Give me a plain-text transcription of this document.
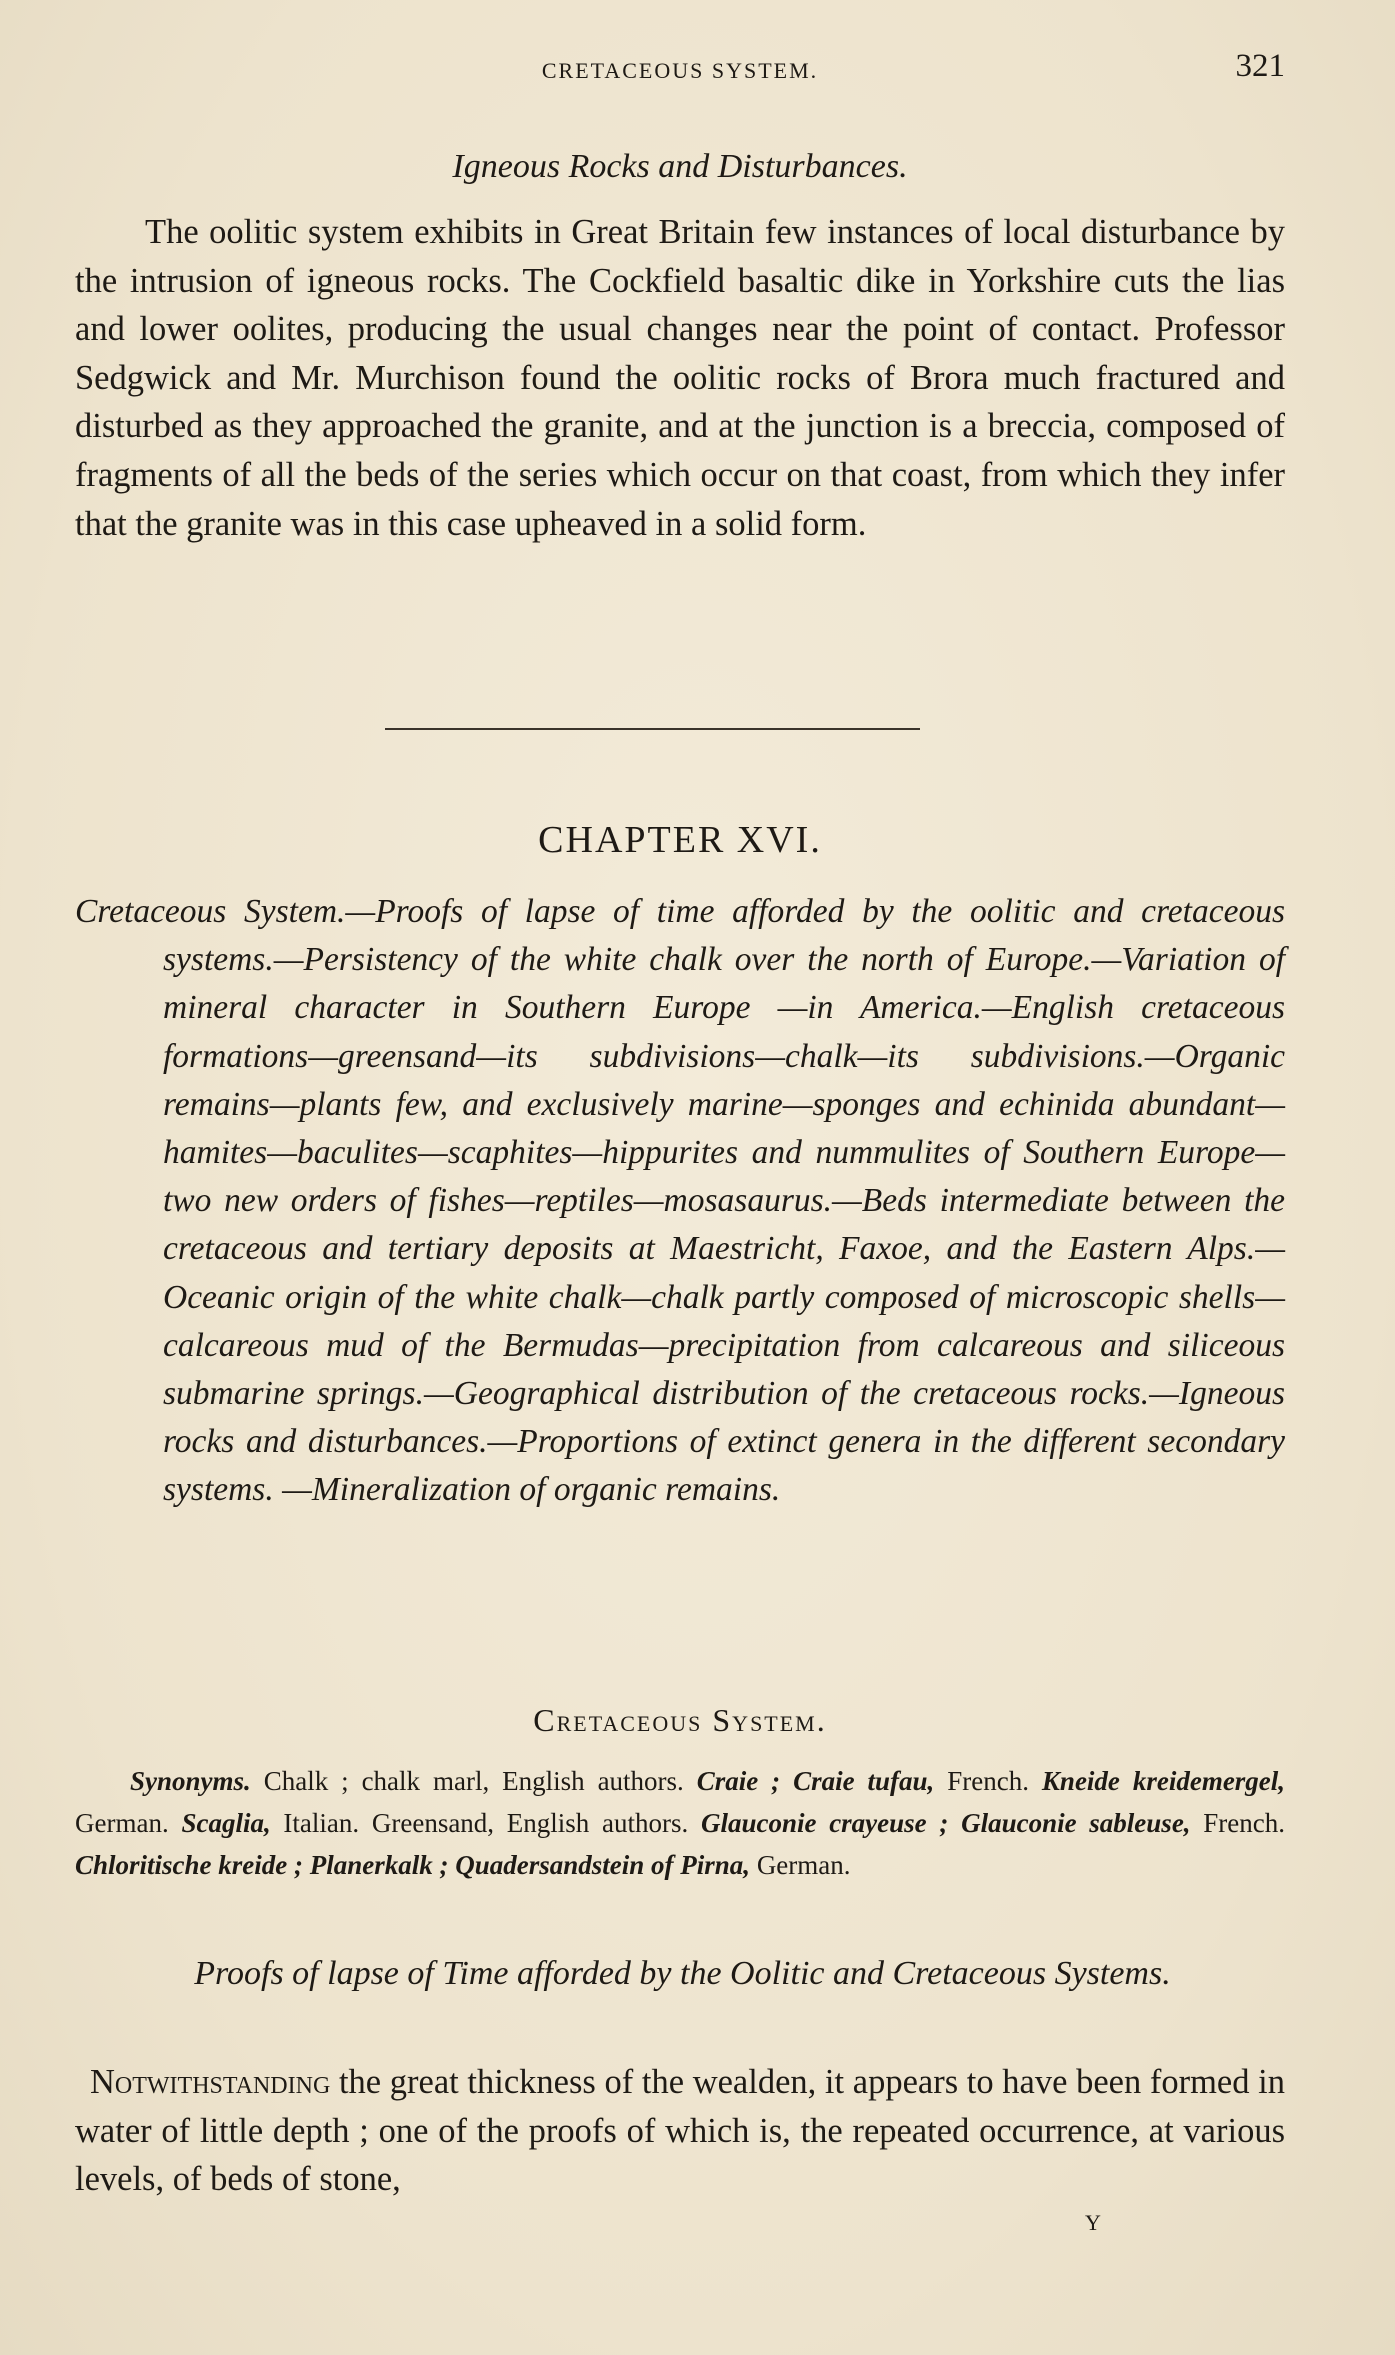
CRETACEOUS SYSTEM.	321
Igneous Rocks and Disturbances.

The oolitic system exhibits in Great Britain few instances of local disturbance by the intrusion of igneous rocks. The Cockfield basaltic dike in Yorkshire cuts the lias and lower oolites, producing the usual changes near the point of contact. Professor Sedgwick and Mr. Murchison found the oolitic rocks of Brora much fractured and disturbed as they approached the granite, and at the junction is a breccia, composed of fragments of all the beds of the series which occur on that coast, from which they infer that the granite was in this case upheaved in a solid form.

CHAPTER XVI.

Cretaceous System.—Proofs of lapse of time afforded by the oolitic and cretaceous systems.—Persistency of the white chalk over the north of Europe.—Variation of mineral character in Southern Europe —in America.—English cretaceous formations—greensand—its subdivisions—chalk—its subdivisions.—Organic remains—plants few, and exclusively marine—sponges and echinida abundant—hamites—baculites—scaphites—hippurites and nummulites of Southern Europe—two new orders of fishes—reptiles—mosasaurus.—Beds intermediate between the cretaceous and tertiary deposits at Maestricht, Faxoe, and the Eastern Alps.—Oceanic origin of the white chalk—chalk partly composed of microscopic shells—calcareous mud of the Bermudas—precipitation from calcareous and siliceous submarine springs.—Geographical distribution of the cretaceous rocks.—Igneous rocks and disturbances.—Proportions of extinct genera in the different secondary systems. —Mineralization of organic remains.

Cretaceous System.

Synonyms. Chalk ; chalk marl, English authors. Craie ; Craie tufau, French. Kneide kreidemergel, German. Scaglia, Italian. Greensand, English authors. Glauconie crayeuse ; Glauconie sableuse, French. Chloritische kreide ; Planerkalk ; Quadersandstein of Pirna, German.

Proofs of lapse of Time afforded by the Oolitic and Cretaceous Systems.

Notwithstanding the great thickness of the wealden, it appears to have been formed in water of little depth ; one of the proofs of which is, the repeated occurrence, at various levels, of beds of stone,

Y
